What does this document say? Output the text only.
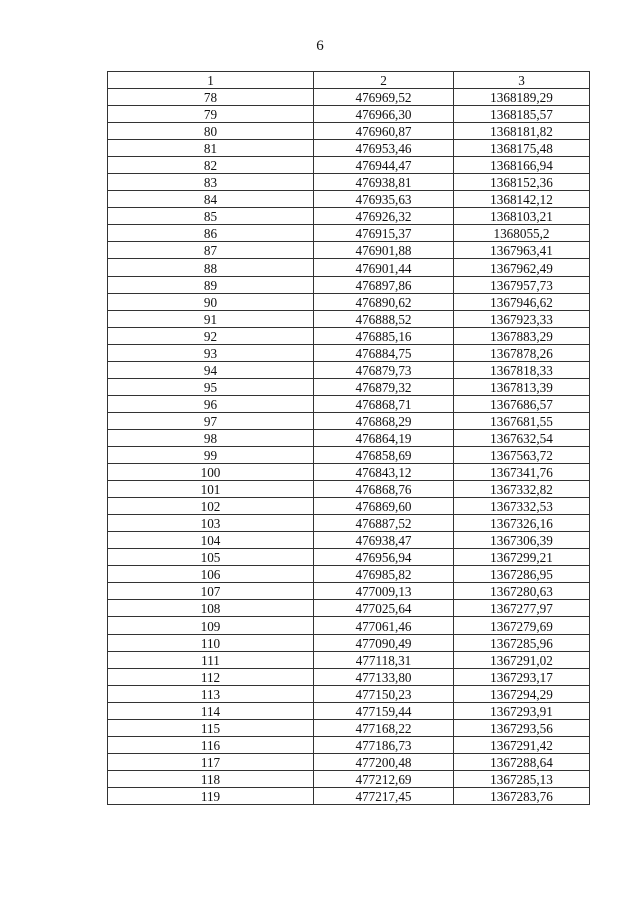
6
1	2	3
78	476969,52	1368189,29
79	476966,30	1368185,57
80	476960,87	1368181,82
81	476953,46	1368175,48
82	476944,47	1368166,94
83	476938,81	1368152,36
84	476935,63	1368142,12
85	476926,32	1368103,21
86	476915,37	1368055,2
87	476901,88	1367963,41
88	476901,44	1367962,49
89	476897,86	1367957,73
90	476890,62	1367946,62
91	476888,52	1367923,33
92	476885,16	1367883,29
93	476884,75	1367878,26
94	476879,73	1367818,33
95	476879,32	1367813,39
96	476868,71	1367686,57
97	476868,29	1367681,55
98	476864,19	1367632,54
99	476858,69	1367563,72
100	476843,12	1367341,76
101	476868,76	1367332,82
102	476869,60	1367332,53
103	476887,52	1367326,16
104	476938,47	1367306,39
105	476956,94	1367299,21
106	476985,82	1367286,95
107	477009,13	1367280,63
108	477025,64	1367277,97
109	477061,46	1367279,69
110	477090,49	1367285,96
111	477118,31	1367291,02
112	477133,80	1367293,17
113	477150,23	1367294,29
114	477159,44	1367293,91
115	477168,22	1367293,56
116	477186,73	1367291,42
117	477200,48	1367288,64
118	477212,69	1367285,13
119	477217,45	1367283,76
